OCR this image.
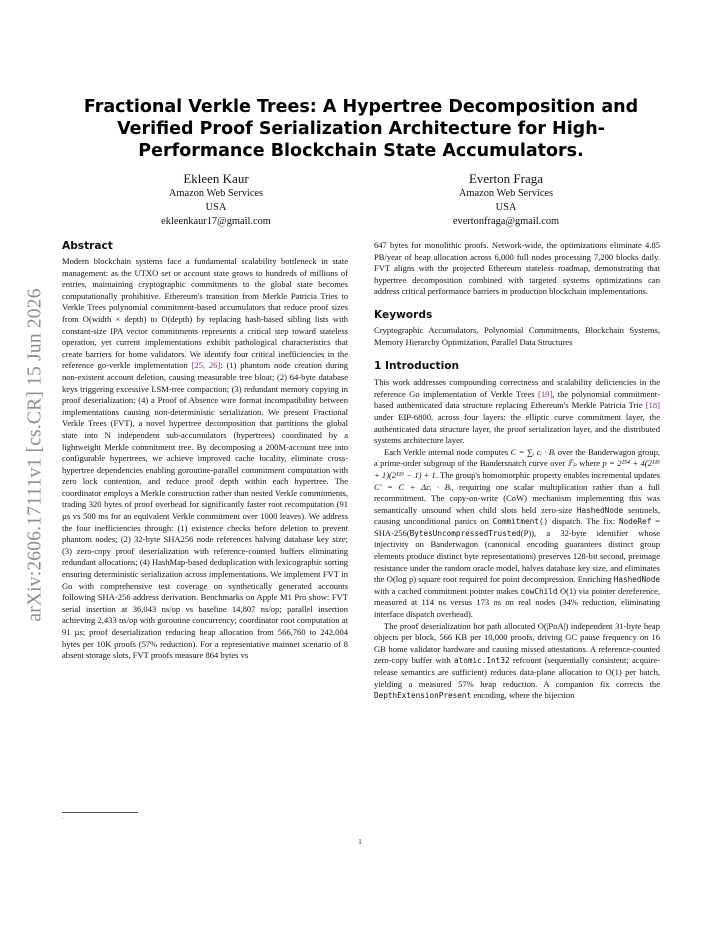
arXiv:2606.17111v1 [cs.CR] 15 Jun 2026
Fractional Verkle Trees: A Hypertree Decomposition and Verified Proof Serialization Architecture for High-Performance Blockchain State Accumulators.
Ekleen Kaur
Amazon Web Services
USA
ekleenkaur17@gmail.com
Everton Fraga
Amazon Web Services
USA
evertonfraga@gmail.com
Abstract

Modern blockchain systems face a fundamental scalability bottleneck in state management: as the UTXO set or account state grows to hundreds of millions of entries, maintaining cryptographic commitments to the global state becomes computationally prohibitive. Ethereum's transition from Merkle Patricia Tries to Verkle Trees polynomial commitment-based accumulators that reduce proof sizes from O(width × depth) to O(depth) by replacing hash-based sibling lists with constant-size IPA vector commitments represents a critical step toward stateless operation, yet current implementations exhibit pathological characteristics that create barriers for home validators. We identify four critical inefficiencies in the reference go-verkle implementation [25, 26]: (1) phantom node creation during non-existent account deletion, causing measurable tree bloat; (2) 64-byte database keys triggering excessive LSM-tree compaction; (3) redundant memory copying in proof deserialization; (4) a Proof of Absence wire format incompatibility between implementations causing non-deterministic serialization. We present Fractional Verkle Trees (FVT), a novel hypertree decomposition that partitions the global state into N independent sub-accumulators (hypertrees) coordinated by a lightweight Merkle commitment tree. By decomposing a 200M-account tree into configurable hypertrees, we achieve improved cache locality, eliminate cross-hypertree dependencies enabling goroutine-parallel commitment computation with zero lock contention, and reduce proof depth within each hypertree. The coordinator employs a Merkle construction rather than nested Verkle commitments, trading 320 bytes of proof overhead for significantly faster root recomputation (91 µs vs 500 ms for an equivalent Verkle commitment over 1000 leaves). We address the four inefficiencies through: (1) existence checks before deletion to prevent phantom nodes; (2) 32-byte SHA256 node references halving database key size; (3) zero-copy proof deserialization with reference-counted buffers eliminating redundant allocations; (4) HashMap-based deduplication with lexicographic sorting ensuring deterministic serialization across implementations. We implement FVT in Go with comprehensive test coverage on synthetically generated accounts following SHA-256 address derivation. Benchmarks on Apple M1 Pro show: FVT serial insertion at 36,043 ns/op vs baseline 14,807 ns/op; parallel insertion achieving 2,433 ns/op with goroutine concurrency; coordinator root computation at 91 µs; proof deserialization reducing heap allocation from 566,760 to 242,004 bytes per 10K proofs (57% reduction). For a representative mainnet scenario of 8 absent storage slots, FVT proofs measure 864 bytes vs

647 bytes for monolithic proofs. Network-wide, the optimizations eliminate 4.85 PB/year of heap allocation across 6,000 full nodes processing 7,200 blocks daily. FVT aligns with the projected Ethereum stateless roadmap, demonstrating that hypertree decomposition combined with targeted systems optimizations can address critical performance barriers in production blockchain implementations.

Keywords

Cryptographic Accumulators, Polynomial Commitments, Blockchain Systems, Memory Hierarchy Optimization, Parallel Data Structures

1 Introduction

This work addresses compounding correctness and scalability deficiencies in the reference Go implementation of Verkle Trees [19], the polynomial commitment-based authenticated data structure replacing Ethereum's Merkle Patricia Trie [18] under EIP-6800, across four layers: the elliptic curve commitment layer, the authenticated data structure layer, the proof serialization layer, and the distributed systems architecture layer.

Each Verkle internal node computes C = ∑ᵢ cᵢ · Bᵢ over the Banderwagon group, a prime-order subgroup of the Bandersnatch curve over 𝔽ₚ where p = 2²⁵⁴ + 4(2¹²⁶ + 1)(2¹²⁶ − 1) + 1. The group's homomorphic property enables incremental updates C′ = C + Δcᵢ · Bᵢ, requiring one scalar multiplication rather than a full recommitment. The copy-on-write (CoW) mechanism implementing this was semantically unsound when child slots held zero-size HashedNode sentinels, causing unconditional panics on Commitment() dispatch. The fix: NodeRef = SHA-256(BytesUncompressedTrusted(P)), a 32-byte identifier whose injectivity on Banderwagon (canonical encoding guarantees distinct group elements produce distinct byte representations) preserves 128-bit second, preimage resistance under the random oracle model, halves database key size, and eliminates the O(log p) square root required for point decompression. Enriching HashedNode with a cached commitment pointer makes cowChild O(1) via pointer dereference, measured at 114 ns versus 173 ns on real nodes (34% reduction, eliminating interface dispatch overhead).

The proof deserialization hot path allocated O(|PoA|) independent 31-byte heap objects per block, 566 KB per 10,000 proofs, driving GC pause frequency on 16 GB home validator hardware and causing missed attestations. A reference-counted zero-copy buffer with atomic.Int32 refcount (sequentially consistent; acquire-release semantics are sufficient) reduces data-plane allocation to O(1) per batch, yielding a measured 57% heap reduction. A companion fix corrects the DepthExtensionPresent encoding, where the bijection

.
1
